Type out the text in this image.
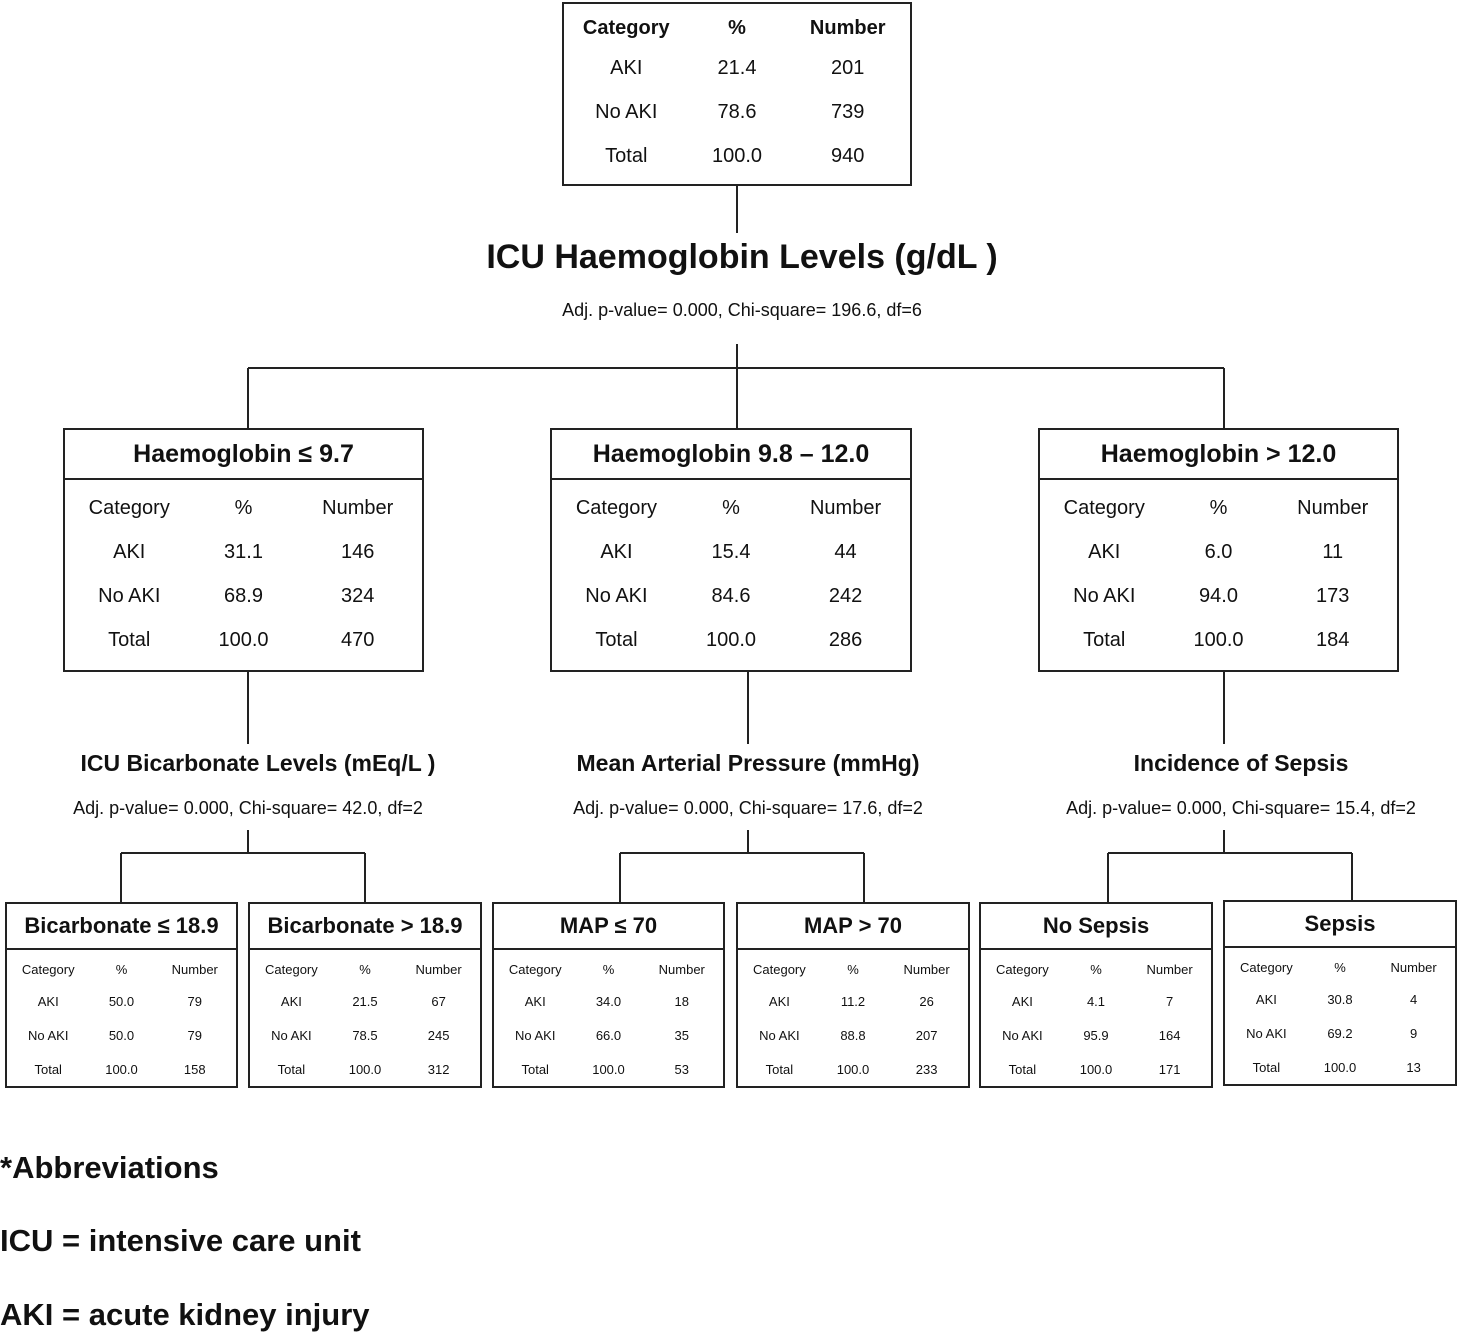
Category	%	Number
AKI	21.4	201
No AKI	78.6	739
Total	100.0	940
ICU Haemoglobin Levels (g/dL )
Adj. p-value= 0.000, Chi-square= 196.6, df=6
Haemoglobin ≤ 9.7
Category	%	Number
AKI	31.1	146
No AKI	68.9	324
Total	100.0	470
Haemoglobin 9.8 – 12.0
Category	%	Number
AKI	15.4	44
No AKI	84.6	242
Total	100.0	286
Haemoglobin > 12.0
Category	%	Number
AKI	6.0	11
No AKI	94.0	173
Total	100.0	184
ICU Bicarbonate Levels (mEq/L )
Adj. p-value= 0.000, Chi-square= 42.0, df=2
Mean Arterial Pressure (mmHg)
Adj. p-value= 0.000, Chi-square= 17.6, df=2
Incidence of Sepsis
Adj. p-value= 0.000, Chi-square= 15.4, df=2
Bicarbonate ≤ 18.9
Category	%	Number
AKI	50.0	79
No AKI	50.0	79
Total	100.0	158
Bicarbonate > 18.9
Category	%	Number
AKI	21.5	67
No AKI	78.5	245
Total	100.0	312
MAP ≤ 70
Category	%	Number
AKI	34.0	18
No AKI	66.0	35
Total	100.0	53
MAP > 70
Category	%	Number
AKI	11.2	26
No AKI	88.8	207
Total	100.0	233
No Sepsis
Category	%	Number
AKI	4.1	7
No AKI	95.9	164
Total	100.0	171
Sepsis
Category	%	Number
AKI	30.8	4
No AKI	69.2	9
Total	100.0	13
*Abbreviations
ICU = intensive care unit
AKI = acute kidney injury
